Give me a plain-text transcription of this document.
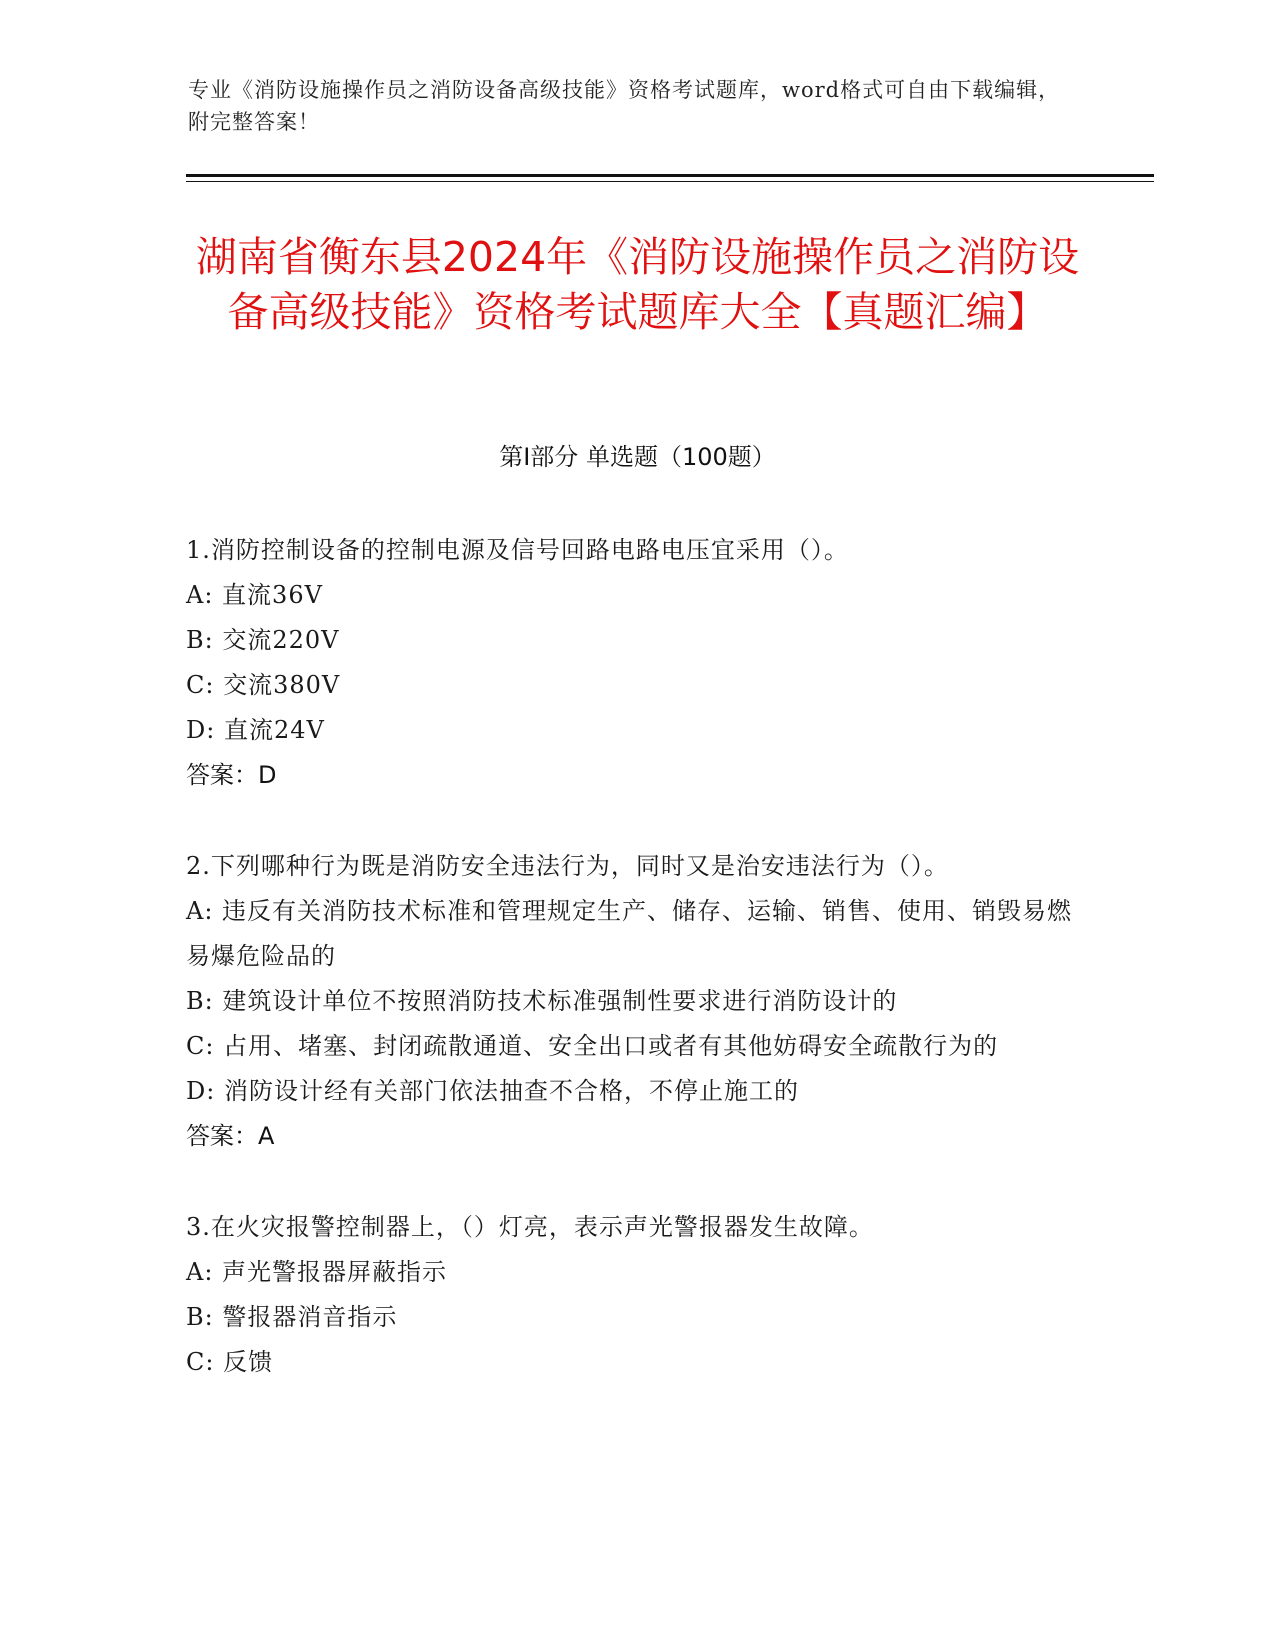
专业《消防设施操作员之消防设备高级技能》资格考试题库，word格式可自由下载编辑，附完整答案！
湖南省衡东县2024年《消防设施操作员之消防设备高级技能》资格考试题库大全【真题汇编】
第I部分 单选题（100题）
1.消防控制设备的控制电源及信号回路电路电压宜采用（）。
A: 直流36V
B: 交流220V
C: 交流380V
D: 直流24V
答案：D
2.下列哪种行为既是消防安全违法行为，同时又是治安违法行为（）。
A: 违反有关消防技术标准和管理规定生产、储存、运输、销售、使用、销毁易燃易爆危险品的
B: 建筑设计单位不按照消防技术标准强制性要求进行消防设计的
C: 占用、堵塞、封闭疏散通道、安全出口或者有其他妨碍安全疏散行为的
D: 消防设计经有关部门依法抽查不合格，不停止施工的
答案：A
3.在火灾报警控制器上，（）灯亮，表示声光警报器发生故障。
A: 声光警报器屏蔽指示
B: 警报器消音指示
C: 反馈
